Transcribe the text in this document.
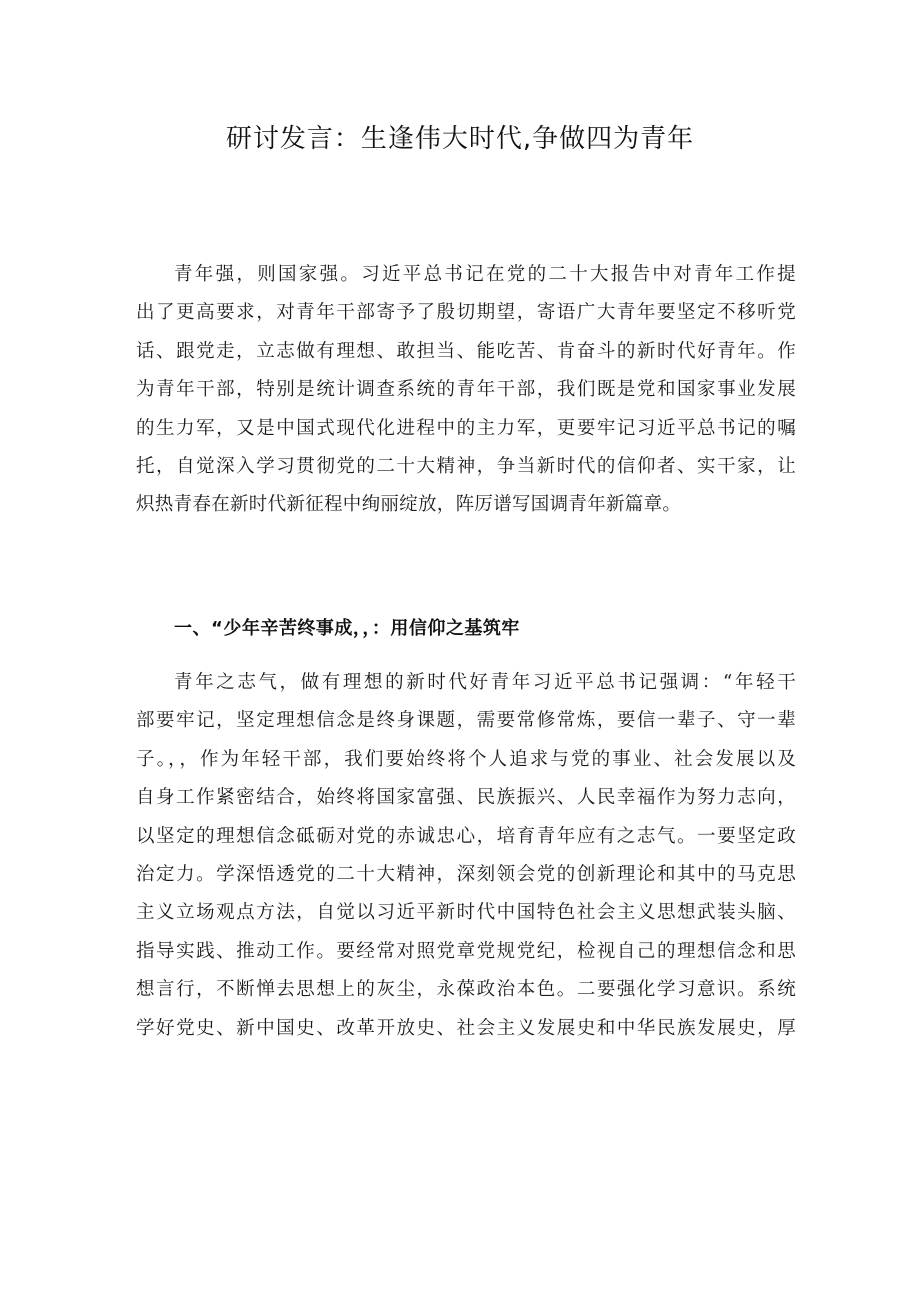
研讨发言：生逢伟大时代,争做四为青年
青年强，则国家强。习近平总书记在党的二十大报告中对青年工作提
出了更高要求，对青年干部寄予了殷切期望，寄语广大青年要坚定不移听党
话、跟党走，立志做有理想、敢担当、能吃苦、肯奋斗的新时代好青年。作
为青年干部，特别是统计调查系统的青年干部，我们既是党和国家事业发展
的生力军，又是中国式现代化进程中的主力军，更要牢记习近平总书记的嘱
托，自觉深入学习贯彻党的二十大精神，争当新时代的信仰者、实干家，让
炽热青春在新时代新征程中绚丽绽放，阵厉谱写国调青年新篇章。
一、“少年辛苦终事成，，：用信仰之基筑牢
青年之志气，做有理想的新时代好青年习近平总书记强调：“年轻干
部要牢记，坚定理想信念是终身课题，需要常修常炼，要信一辈子、守一辈
子。，，作为年轻干部，我们要始终将个人追求与党的事业、社会发展以及
自身工作紧密结合，始终将国家富强、民族振兴、人民幸福作为努力志向，
以坚定的理想信念砥砺对党的赤诚忠心，培育青年应有之志气。一要坚定政
治定力。学深悟透党的二十大精神，深刻领会党的创新理论和其中的马克思
主义立场观点方法，自觉以习近平新时代中国特色社会主义思想武装头脑、
指导实践、推动工作。要经常对照党章党规党纪，检视自己的理想信念和思
想言行，不断惮去思想上的灰尘，永葆政治本色。二要强化学习意识。系统
学好党史、新中国史、改革开放史、社会主义发展史和中华民族发展史，厚
